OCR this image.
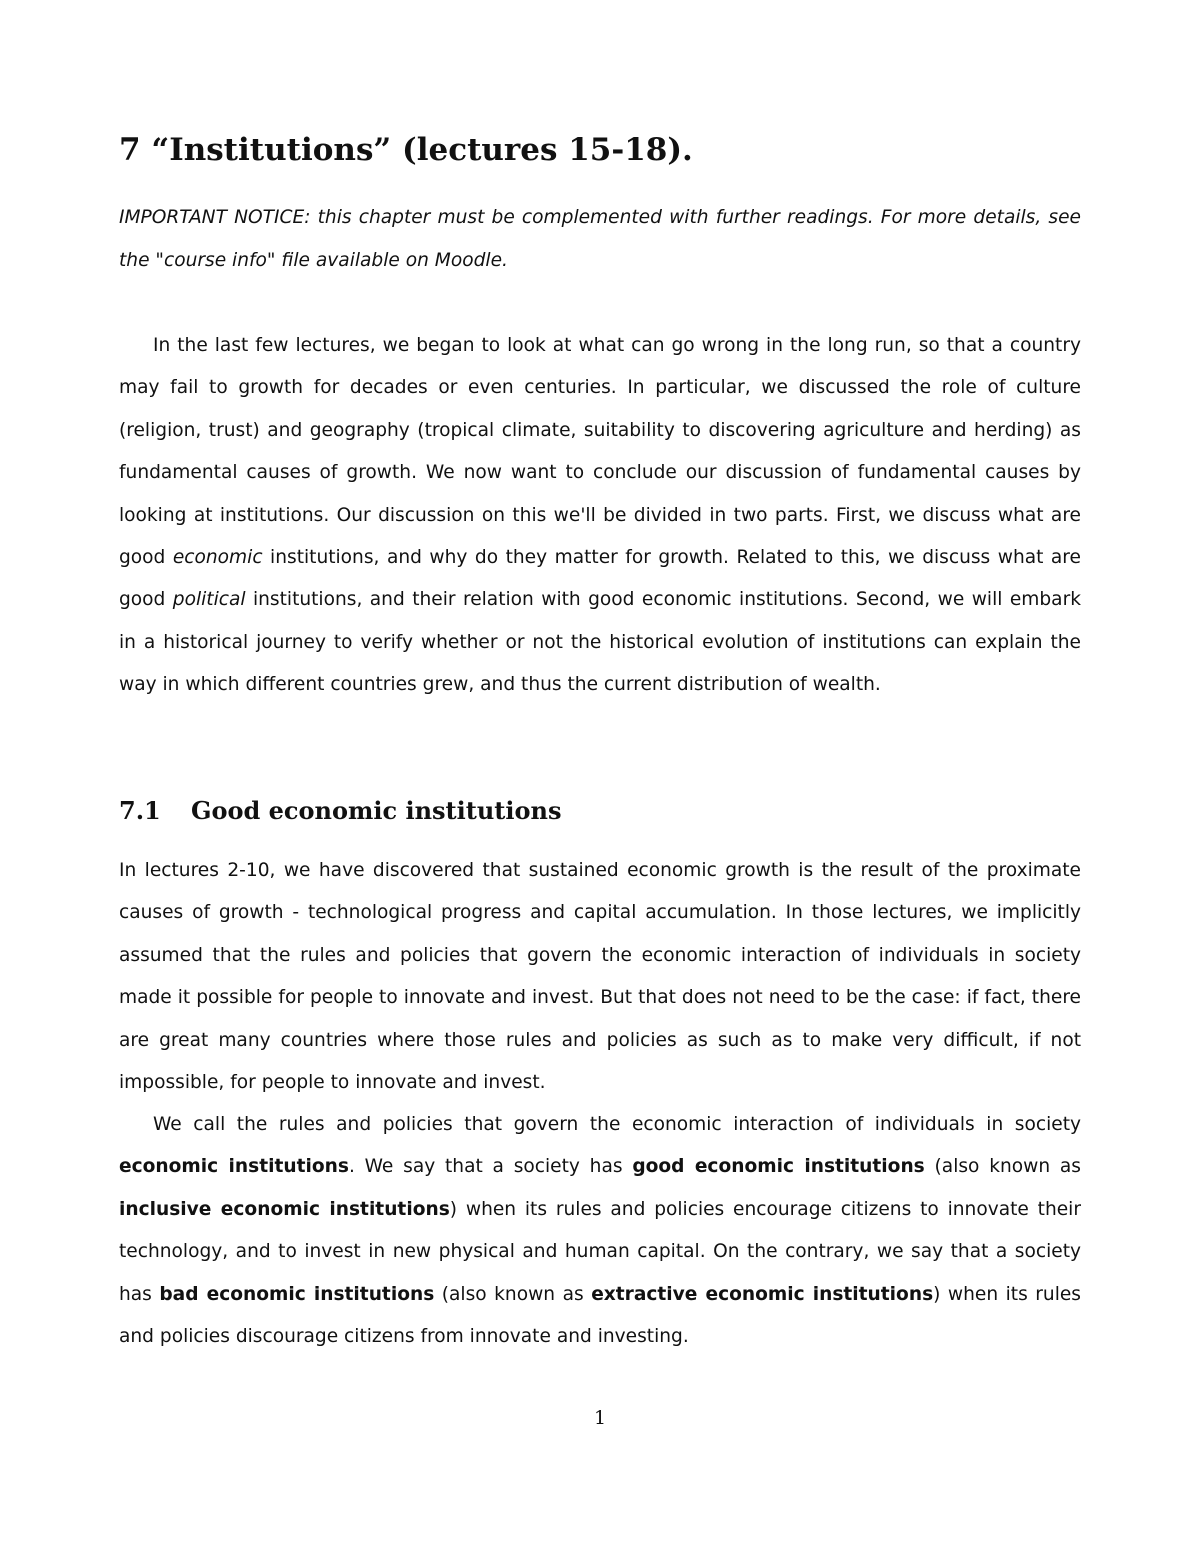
7 “Institutions” (lectures 15-18).

IMPORTANT NOTICE: this chapter must be complemented with further readings. For more details, see the "course info" file available on Moodle.

In the last few lectures, we began to look at what can go wrong in the long run, so that a country may fail to growth for decades or even centuries. In particular, we discussed the role of culture (religion, trust) and geography (tropical climate, suitability to discovering agriculture and herding) as fundamental causes of growth. We now want to conclude our discussion of fundamental causes by looking at institutions. Our discussion on this we'll be divided in two parts. First, we discuss what are good economic institutions, and why do they matter for growth. Related to this, we discuss what are good political institutions, and their relation with good economic institutions. Second, we will embark in a historical journey to verify whether or not the historical evolution of institutions can explain the way in which different countries grew, and thus the current distribution of wealth.

7.1 Good economic institutions

In lectures 2-10, we have discovered that sustained economic growth is the result of the proximate causes of growth - technological progress and capital accumulation. In those lectures, we implicitly assumed that the rules and policies that govern the economic interaction of individuals in society made it possible for people to innovate and invest. But that does not need to be the case: if fact, there are great many countries where those rules and policies as such as to make very difficult, if not impossible, for people to innovate and invest.

We call the rules and policies that govern the economic interaction of individuals in society economic institutions. We say that a society has good economic institutions (also known as inclusive economic institutions) when its rules and policies encourage citizens to innovate their technology, and to invest in new physical and human capital. On the contrary, we say that a society has bad economic institutions (also known as extractive economic institutions) when its rules and policies discourage citizens from innovate and investing.

1
